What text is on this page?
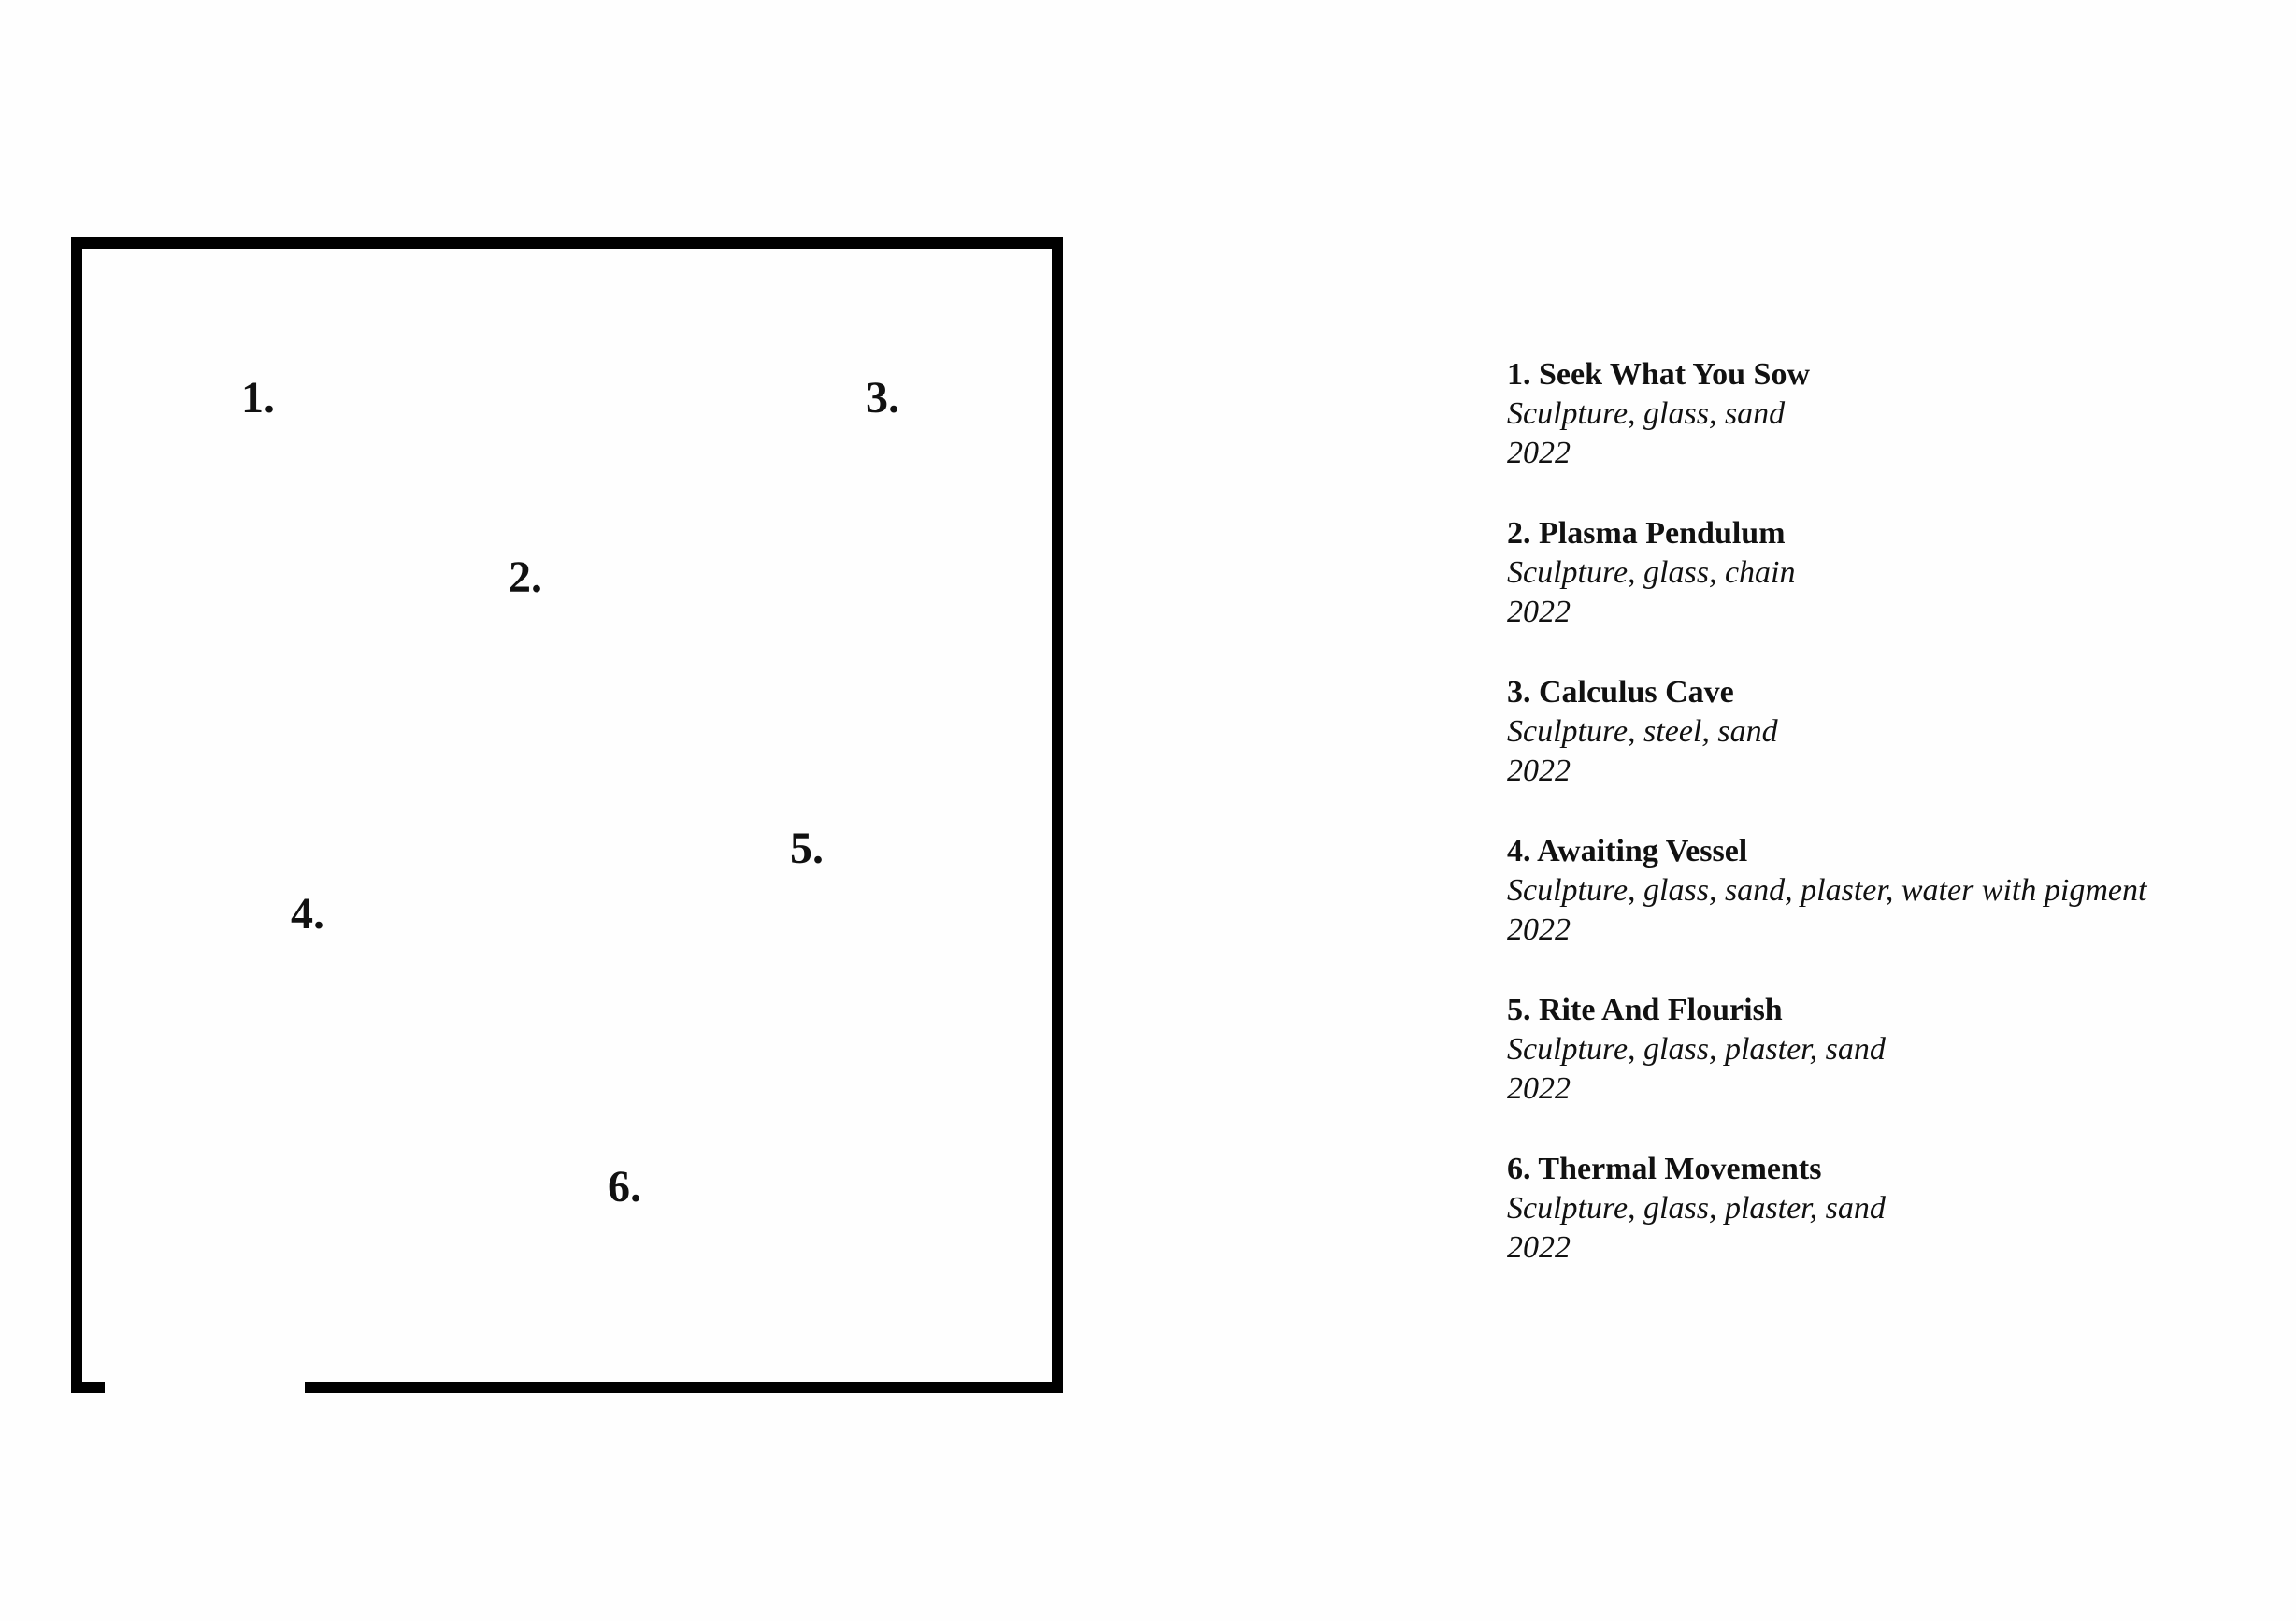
1.
2.
3.
4.
5.
6.
1. Seek What You Sow
Sculpture, glass, sand
2022
2. Plasma Pendulum
Sculpture, glass, chain
2022
3. Calculus Cave
Sculpture, steel, sand
2022
4. Awaiting Vessel
Sculpture, glass, sand, plaster, water with pigment
2022
5. Rite And Flourish
Sculpture, glass, plaster, sand
2022
6. Thermal Movements
Sculpture, glass, plaster, sand
2022
